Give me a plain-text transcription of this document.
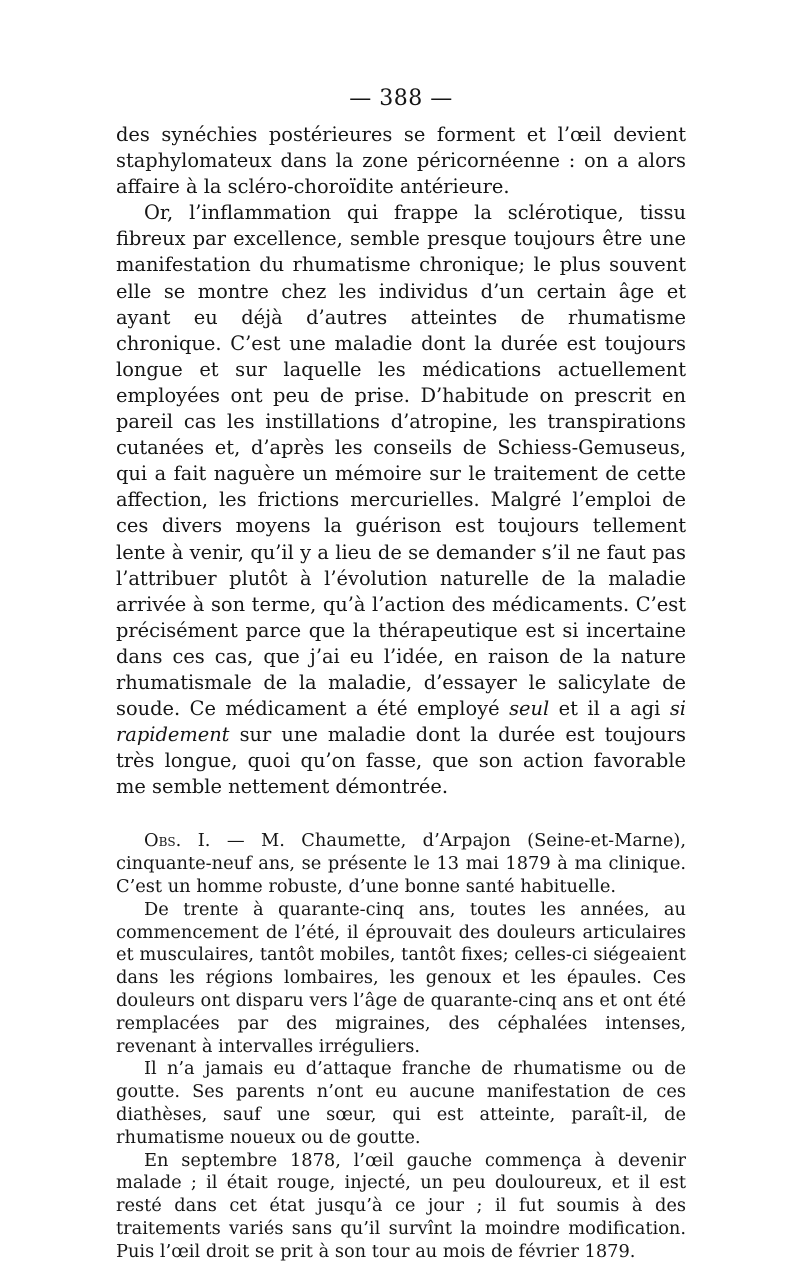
— 388 —

des synéchies postérieures se forment et l’œil devient staphylomateux dans la zone péricornéenne : on a alors affaire à la scléro-choroïdite antérieure.

Or, l’inflammation qui frappe la sclérotique, tissu fibreux par excellence, semble presque toujours être une manifestation du rhumatisme chronique; le plus souvent elle se montre chez les individus d’un certain âge et ayant eu déjà d’autres atteintes de rhumatisme chronique. C’est une maladie dont la durée est toujours longue et sur laquelle les médications actuellement employées ont peu de prise. D’habitude on prescrit en pareil cas les instillations d’atropine, les transpirations cutanées et, d’après les conseils de Schiess-Gemuseus, qui a fait naguère un mémoire sur le traitement de cette affection, les frictions mercurielles. Malgré l’emploi de ces divers moyens la guérison est toujours tellement lente à venir, qu’il y a lieu de se demander s’il ne faut pas l’attribuer plutôt à l’évolution naturelle de la maladie arrivée à son terme, qu’à l’action des médicaments. C’est précisément parce que la thérapeutique est si incertaine dans ces cas, que j’ai eu l’idée, en raison de la nature rhumatismale de la maladie, d’essayer le salicylate de soude. Ce médicament a été employé seul et il a agi si rapidement sur une maladie dont la durée est toujours très longue, quoi qu’on fasse, que son action favorable me semble nettement démontrée.

Obs. I. — M. Chaumette, d’Arpajon (Seine-et-Marne), cinquante-neuf ans, se présente le 13 mai 1879 à ma clinique. C’est un homme robuste, d’une bonne santé habituelle.

De trente à quarante-cinq ans, toutes les années, au commencement de l’été, il éprouvait des douleurs articulaires et musculaires, tantôt mobiles, tantôt fixes; celles-ci siégeaient dans les régions lombaires, les genoux et les épaules. Ces douleurs ont disparu vers l’âge de quarante-cinq ans et ont été remplacées par des migraines, des céphalées intenses, revenant à intervalles irréguliers.

Il n’a jamais eu d’attaque franche de rhumatisme ou de goutte. Ses parents n’ont eu aucune manifestation de ces diathèses, sauf une sœur, qui est atteinte, paraît-il, de rhumatisme noueux ou de goutte.

En septembre 1878, l’œil gauche commença à devenir malade ; il était rouge, injecté, un peu douloureux, et il est resté dans cet état jusqu’à ce jour ; il fut soumis à des traitements variés sans qu’il survînt la moindre modification. Puis l’œil droit se prit à son tour au mois de février 1879.
